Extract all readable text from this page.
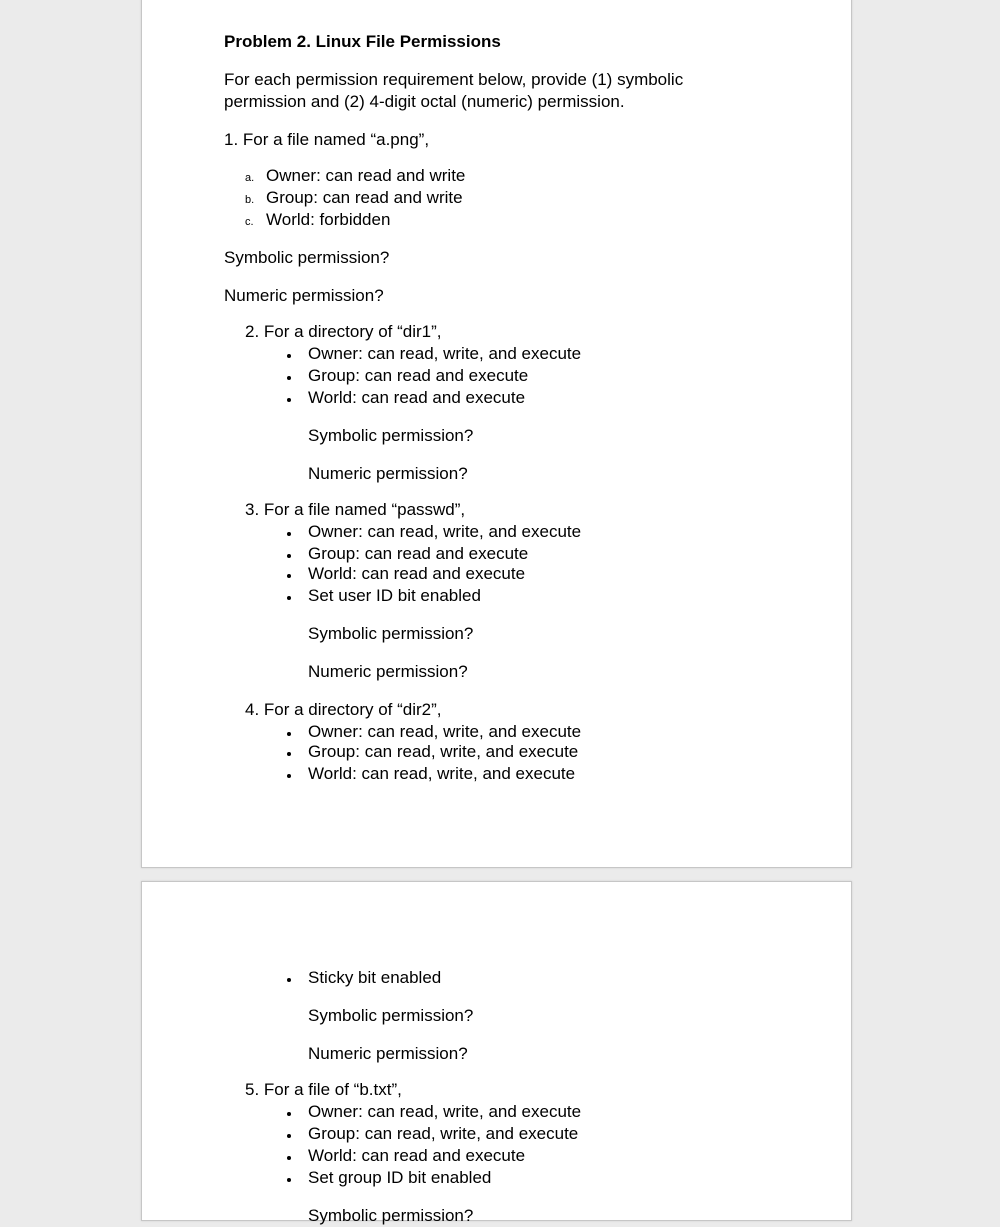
Problem 2. Linux File Permissions
For each permission requirement below, provide (1) symbolic
permission and (2) 4-digit octal (numeric) permission.
1. For a file named “a.png”,
a. Owner: can read and write
b. Group: can read and write
c. World: forbidden
Symbolic permission?
Numeric permission?
2. For a directory of “dir1”,
Owner: can read, write, and execute
Group: can read and execute
World: can read and execute
Symbolic permission?
Numeric permission?
3. For a file named “passwd”,
Owner: can read, write, and execute
Group: can read and execute
World: can read and execute
Set user ID bit enabled
Symbolic permission?
Numeric permission?
4. For a directory of “dir2”,
Owner: can read, write, and execute
Group: can read, write, and execute
World: can read, write, and execute
Sticky bit enabled
Symbolic permission?
Numeric permission?
5. For a file of “b.txt”,
Owner: can read, write, and execute
Group: can read, write, and execute
World: can read and execute
Set group ID bit enabled
Symbolic permission?
